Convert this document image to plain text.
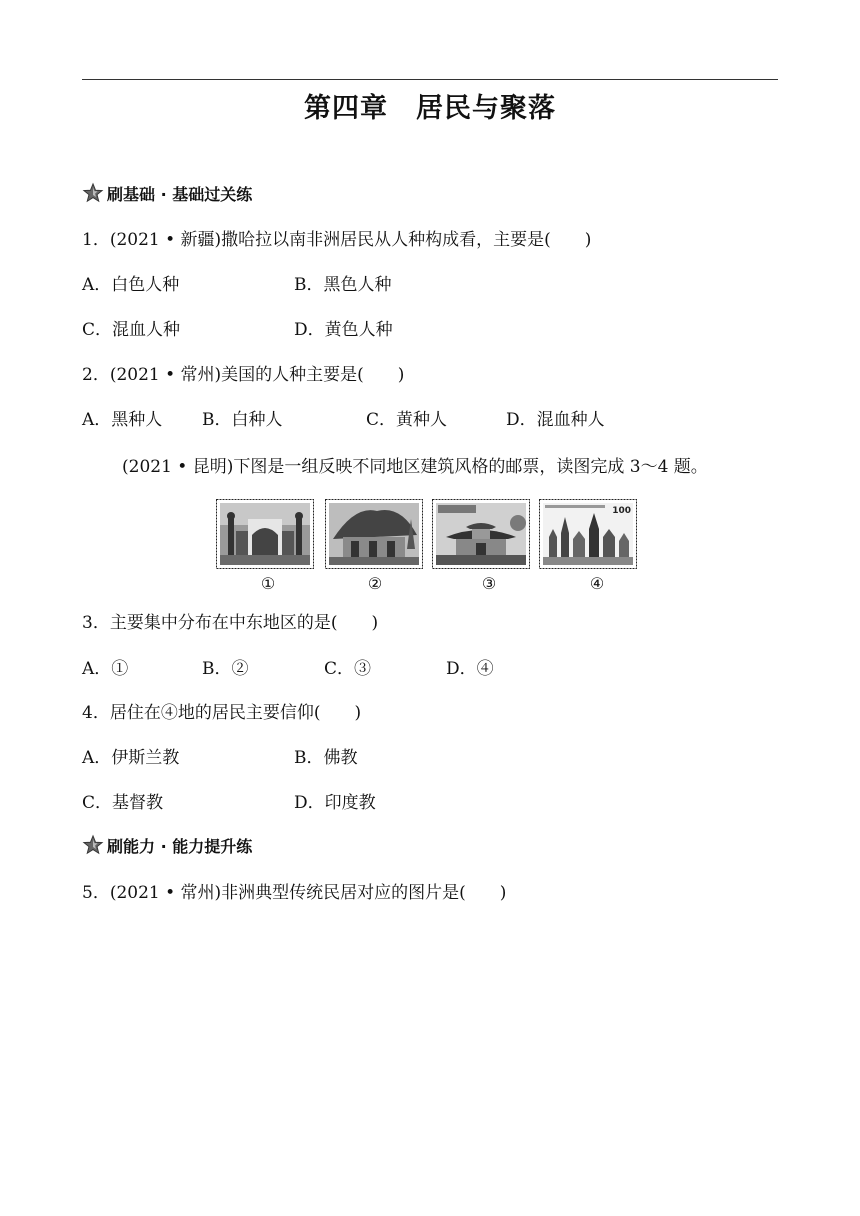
第四章　居民与聚落
刷基础 · 基础过关练
1．(2021 • 新疆)撒哈拉以南非洲居民从人种构成看，主要是(　　)
A．白色人种	B．黑色人种
C．混血人种	D．黄色人种
2．(2021 • 常州)美国的人种主要是(　　)
A．黑种人 B．白种人	C．黄种人	D．混血种人
(2021 • 昆明)下图是一组反映不同地区建筑风格的邮票，读图完成 3～4 题。
100
①	②	③	④
3．主要集中分布在中东地区的是(　　)
A．①	B．②	C．③	D．④
4．居住在④地的居民主要信仰(　　)
A．伊斯兰教	B．佛教
C．基督教	D．印度教
刷能力 · 能力提升练
5．(2021 • 常州)非洲典型传统民居对应的图片是(　　)
